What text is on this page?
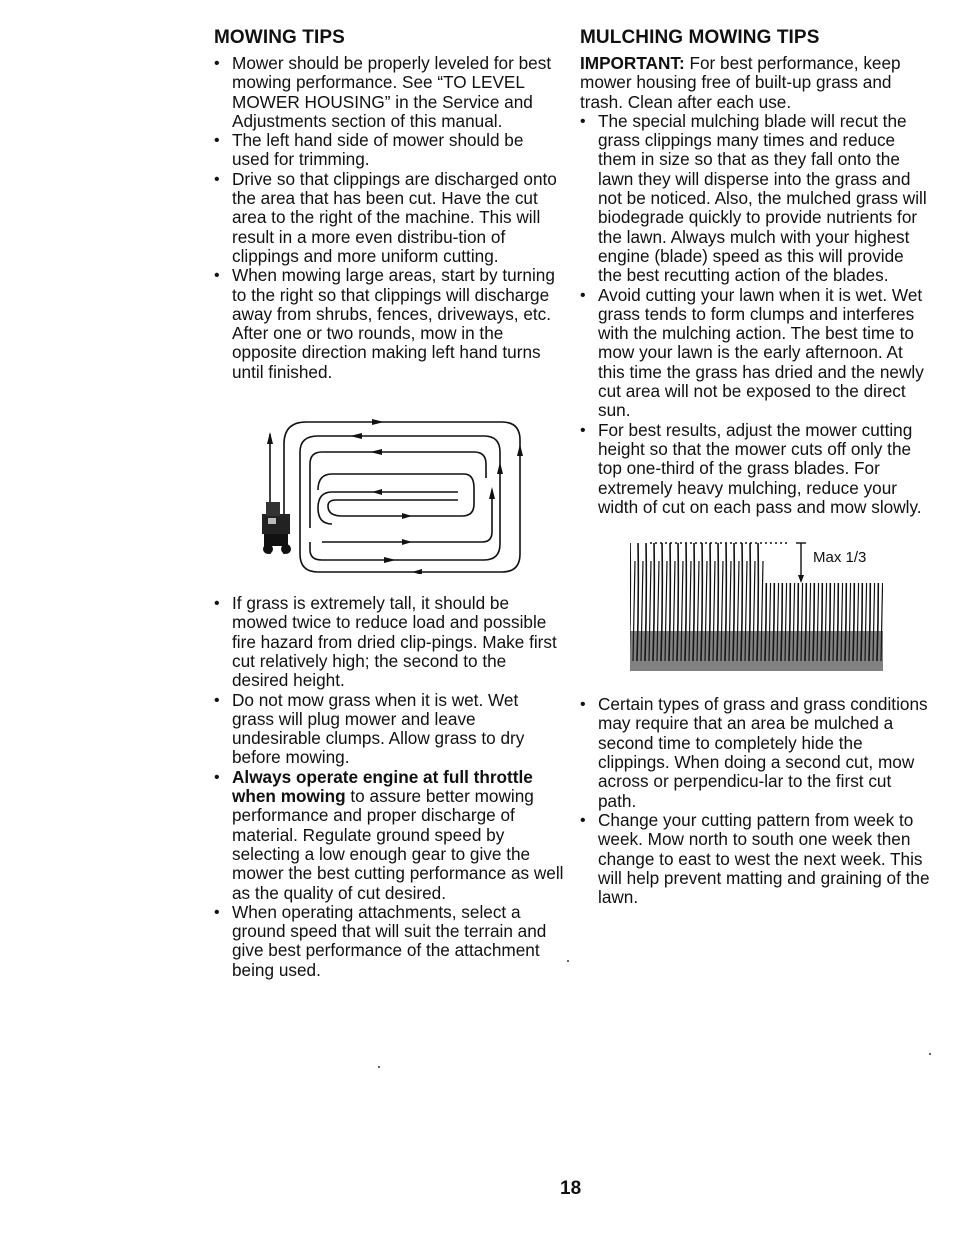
MOWING TIPS
• Mower should be properly leveled for best mowing performance. See “TO LEVEL MOWER HOUSING” in the Service and Adjustments section of this manual.
• The left hand side of mower should be used for trimming.
• Drive so that clippings are discharged onto the area that has been cut. Have the cut area to the right of the machine. This will result in a more even distribu-tion of clippings and more uniform cutting.
• When mowing large areas, start by turning to the right so that clippings will discharge away from shrubs, fences, driveways, etc. After one or two rounds, mow in the opposite direction making left hand turns until finished.
• If grass is extremely tall, it should be mowed twice to reduce load and possible fire hazard from dried clip-pings. Make first cut relatively high; the second to the desired height.
• Do not mow grass when it is wet. Wet grass will plug mower and leave undesirable clumps. Allow grass to dry before mowing.
• Always operate engine at full throttle when mowing to assure better mowing performance and proper discharge of material. Regulate ground speed by selecting a low enough gear to give the mower the best cutting performance as well as the quality of cut desired.
• When operating attachments, select a ground speed that will suit the terrain and give best performance of the attachment being used.
MULCHING MOWING TIPS

IMPORTANT: For best performance, keep mower housing free of built-up grass and trash. Clean after each use.

• The special mulching blade will recut the grass clippings many times and reduce them in size so that as they fall onto the lawn they will disperse into the grass and not be noticed. Also, the mulched grass will biodegrade quickly to provide nutrients for the lawn. Always mulch with your highest engine (blade) speed as this will provide the best recutting action of the blades.
• Avoid cutting your lawn when it is wet. Wet grass tends to form clumps and interferes with the mulching action. The best time to mow your lawn is the early afternoon. At this time the grass has dried and the newly cut area will not be exposed to the direct sun.
• For best results, adjust the mower cutting height so that the mower cuts off only the top one-third of the grass blades. For extremely heavy mulching, reduce your width of cut on each pass and mow slowly.
Max 1/3
• Certain types of grass and grass conditions may require that an area be mulched a second time to completely hide the clippings. When doing a second cut, mow across or perpendicu-lar to the first cut path.
• Change your cutting pattern from week to week. Mow north to south one week then change to east to west the next week. This will help prevent matting and graining of the lawn.
18
